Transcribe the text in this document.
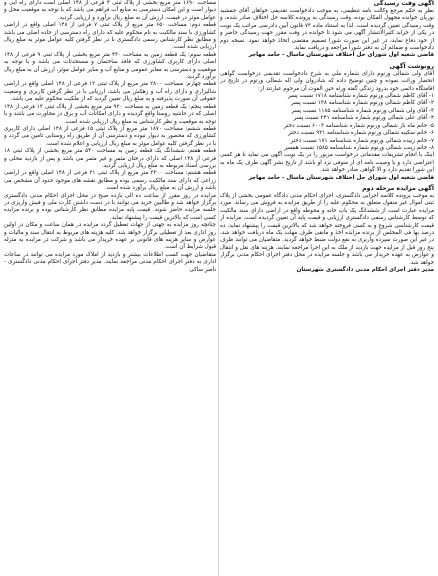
آگهی وقت رسیدگی

نظر به حکم مرجع وکالت نامه تنظیمی، به موجب دادخواست تقدیمی خواهان آقای جمشید نوریان خوانده مجهول المکان بوده، وقت رسیدگی به پرونده کلاسه حل اختلاف صادر شده، و وقت رسیدگی تعیین گردیده است. لذا به استناد ماده ۷۳ قانون آیین دادرسی مراتب یک نوبت در یکی از جراید کثیرالانتشار آگهی می شود تا خوانده در وقت مقرر جهت رسیدگی حاضر و از خود دفاع نماید، در غیر این صورت شورا تصمیم مقتضی اتخاذ خواهد نمود. نسخه دوم دادخواست و ضمائم آن به دفتر شورا مراجعه و دریافت نماید.

قاضی شعبه اول شورای حل اختلاف شهرستان ماسال - حامد مهاجر

رونوشت آگهی

آقای ولی شمالی ورنوم دارای شماره ملی به شرح دادخواست تقدیمی درخواست گواهی انحصار وراثت نموده و چنین توضیح داده که شادروان ولی اله شمالی ورنوم در تاریخ در اقامتگاه دائمی خود بدرود زندگی گفته ورثه حین الفوت آن مرحوم عبارتند از:

۱- آقای کاظم شمالی ورنوم شماره شناسنامه ۱۷۱۸ نسبت پسر

۲- آقای کاظم شمالی ورنوم شماره شناسنامه ۱۳۸ نسبت پسر

۳- آقای ولی شمالی ورنوم شماره شناسنامه ۱۱۸۵ نسبت پسر

۴- آقای علی شمالی ورنوم شماره شناسنامه ۲۴۱ نسبت پسر

۵- خانم ماه ناز شمالی ورنوم شماره شناسنامه ۶۰۰۳ نسبت دختر

۶- خانم سکینه شمالی ورنوم شماره شناسنامه ۹۲۱ نسبت دختر

۷- خانم زبیده شمالی ورنوم شماره شناسنامه ۱۷۱ نسبت دختر

۸- خانم زینب شمالی ورنوم شماره شناسنامه ۱۵۸۵ نسبت همسر

اینک با انجام تشریفات مقدماتی درخواست مزبور را در یک نوبت آگهی می نماید تا هر کسی اعتراضی دارد و یا وصیت نامه ای از متوفی نزد او باشد از تاریخ نشر آگهی ظرف یک ماه به این شورا تقدیم دارد و الا گواهی صادر خواهد شد.

قاضی شعبه اول شورای حل اختلاف شهرستان ماسال - حامد مهاجر

آگهی مزایده مرحله دوم

به موجب پرونده کلاسه اجرایی دادگستری، اجرای احکام مدنی دادگاه عمومی بخشی از پلاک ثبتی اموال غیر منقول متعلق به محکوم علیه را از طریق مزایده به فروش می رساند. مورد مزایده عبارت است از ششدانگ یک باب خانه و محوطه واقع در اراضی دارای سند مالکیت که توسط کارشناس رسمی دادگستری ارزیابی و قیمت پایه آن تعیین گردیده است. مزایده از قیمت کارشناسی شروع و به کسی فروخته خواهد شد که بالاترین قیمت را پیشنهاد نماید. ده درصد بها فی المجلس از برنده مزایده اخذ و مابقی ظرف مهلت یک ماه دریافت خواهد شد، در غیر این صورت سپرده واریزی به نفع دولت ضبط خواهد گردید. متقاضیان می توانند ظرف پنج روز قبل از مزایده جهت بازدید از ملک به این اجرا مراجعه نمایند. هزینه های نقل و انتقال و عوارض به عهده خریدار می باشد و جلسه مزایده در محل دفتر اجرای احکام مدنی برگزار خواهد شد.

مدیر دفتر اجرای احکام مدنی دادگستری شهرستان

مساحت ۱۶۹۰ متر مربع بخشی از پلاک ثبتی ۴ فرعی از ۱۴۸ اصلی است دارای راه ابی و دیوار است و این امکان دسترسی به منابع آب فراهم می باشد که با توجه به موقعیت محل و عوامل موثر در قیمت، ارزش آن به مبلغ ریال برآورد و ارزیابی گردید.

قطعه دوم: مساحت ۶۵۰ متر مربع از پلاک ثبتی ۷ فرعی از ۱۴۸ اصلی واقع در اراضی کشاورزی با سند مالکیت به نام محکوم علیه که دارای راه دسترسی از جاده اصلی می باشد و مطابق نظر کارشناس رسمی دادگستری با در نظر گرفتن کلیه عوامل موثر به مبلغ ریال ارزیابی شده است.

قطعه سوم: یک قطعه زمین به مساحت ۴۳۰ متر مربع بخشی از پلاک ثبتی ۹ فرعی از ۱۴۸ اصلی دارای کاربری کشاورزی که فاقد ساختمان و مستحدثات می باشد و با توجه به موقعیت و دسترسی به معابر عمومی و منابع آب و سایر عوامل موثر، ارزش آن به مبلغ ریال برآورد گردید.

قطعه چهارم: مساحت ۲۸۰۰ متر مربع از پلاک ثبتی ۱۲ فرعی از ۱۴۸ اصلی واقع در اراضی شالیزاری و دارای راه آب و زهکش می باشد، ارزیابی با در نظر گرفتن کاربری و وضعیت حقوقی آن صورت پذیرفته و به مبلغ ریال تعیین گردید که از ملکیت محکوم علیه می باشد.

قطعه پنجم: یک قطعه زمین به مساحت ۹۲۰ متر مربع بخشی از پلاک ثبتی ۱۳ فرعی از ۱۴۸ اصلی که در حاشیه روستا واقع گردیده و دارای امکانات آب و برق در مجاورت می باشد و با توجه به موقعیت و نظر کارشناس به مبلغ ریال ارزیابی شده است.

قطعه ششم: مساحت ۱۸۷۰ متر مربع از پلاک ثبتی ۱۵ فرعی از ۱۴۸ اصلی دارای کاربری کشاورزی که محصور به دیوار نبوده و دسترسی آن از طریق راه روستایی تامین می گردد و با در نظر گرفتن کلیه عوامل موثر به مبلغ ریال ارزیابی و اعلام شده است.

قطعه هفتم: ششدانگ یک قطعه زمین به مساحت ۵۴۰ متر مربع بخشی از پلاک ثبتی ۱۸ فرعی از ۱۴۸ اصلی که دارای درختان مثمر و غیر مثمر می باشد و پس از بازدید محلی و بررسی اسناد مربوطه به مبلغ ریال ارزیابی گردید.

قطعه هشتم: مساحت ۳۲۰۰ متر مربع از پلاک ثبتی ۲۱ فرعی از ۱۴۸ اصلی واقع در اراضی زراعی که دارای سند مالکیت رسمی بوده و مطابق نقشه های موجود حدود آن مشخص می باشد و ارزش آن به مبلغ ریال برآورد شده است.

مزایده در روز مقرر از ساعت ده الی یازده صبح در محل اجرای احکام مدنی دادگستری برگزار خواهد شد و طالبین خرید می توانند با در دست داشتن کارت ملی و فیش واریزی در جلسه مزایده حاضر شوند. قیمت پایه مزایده مطابق نظر کارشناس بوده و برنده مزایده کسی است که بالاترین قیمت را پیشنهاد نماید.

چنانچه روز مزایده به جهتی از جهات تعطیل گردد مزایده در همان ساعت و مکان در اولین روز اداری بعد از تعطیلی برگزار خواهد شد. کلیه هزینه های مربوط به انتقال سند و مالیات و عوارض و سایر هزینه های قانونی بر عهده خریدار می باشد و شرکت در مزایده به منزله قبول شرایط آن است.

متقاضیان جهت کسب اطلاعات بیشتر و بازدید از املاک مورد مزایده می توانند در ساعات اداری به دفتر اجرای احکام مدنی مراجعه نمایند. مدیر دفتر اجرای احکام مدنی دادگستری - ناصر ساکی
